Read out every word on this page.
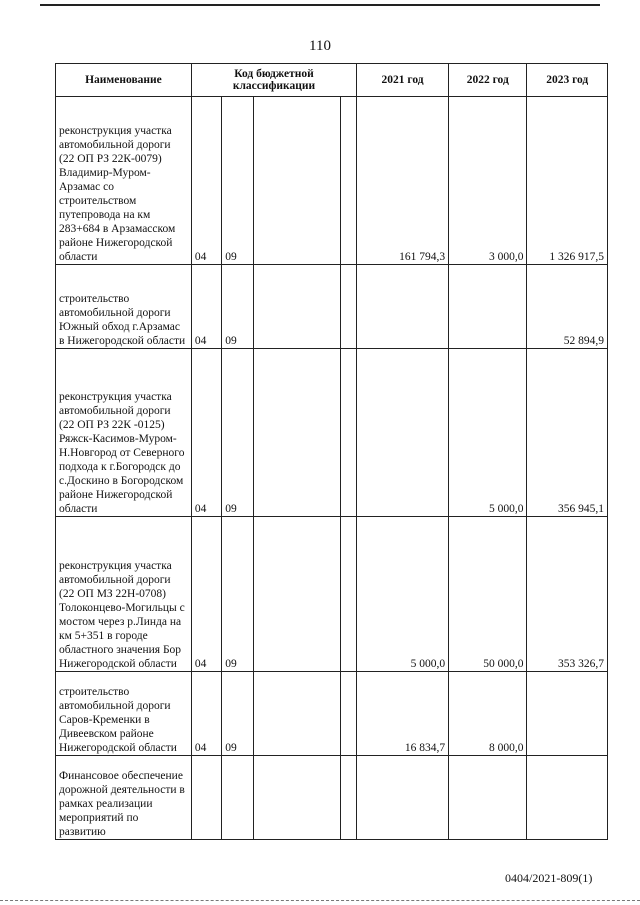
110
Наименование	Код бюджетной классификации				2021 год	2022 год	2023 год
реконструкция участка автомобильной дороги (22 ОП РЗ 22К-0079) Владимир-Муром-Арзамас со строительством путепровода на км 283+684 в Арзамасском районе Нижегородской области	04	09			161 794,3	3 000,0	1 326 917,5
строительство автомобильной дороги Южный обход г.Арзамас в Нижегородской области	04	09					52 894,9
реконструкция участка автомобильной дороги (22 ОП РЗ 22К -0125) Ряжск-Касимов-Муром-Н.Новгород от Северного подхода к г.Богородск до с.Доскино в Богородском районе Нижегородской области	04	09				5 000,0	356 945,1
реконструкция участка автомобильной дороги (22 ОП МЗ 22Н-0708) Толоконцево-Могильцы с мостом через р.Линда на км 5+351 в городе областного значения Бор Нижегородской области	04	09			5 000,0	50 000,0	353 326,7
строительство автомобильной дороги Саров-Кременки в Дивеевском районе Нижегородской области	04	09			16 834,7	8 000,0	
Финансовое обеспечение дорожной деятельности в рамках реализации мероприятий по развитию							
0404/2021-809(1)
